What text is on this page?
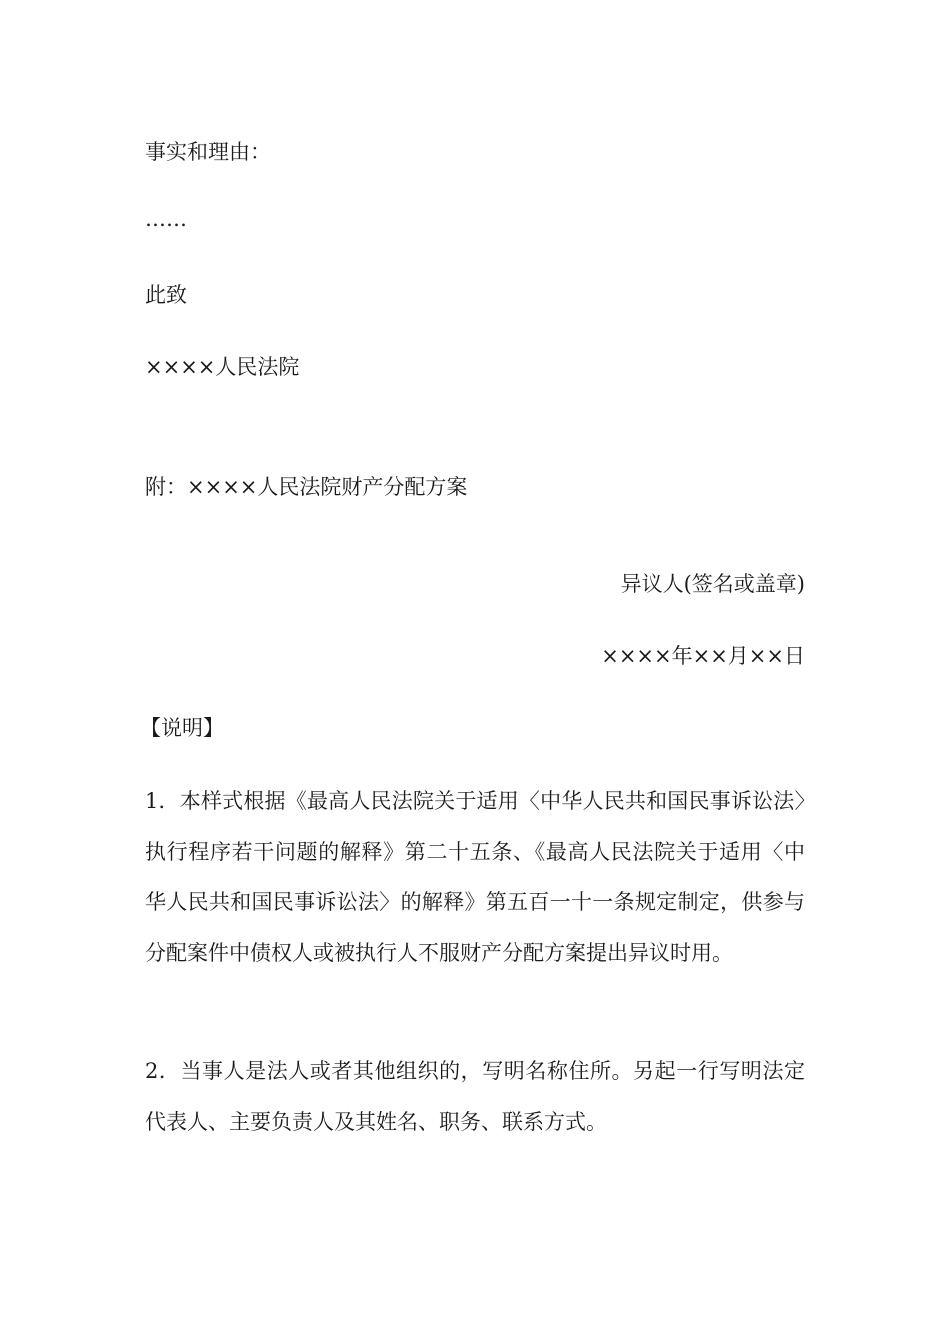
事实和理由：
……
此致
××××人民法院
附：××××人民法院财产分配方案
异议人(签名或盖章)
××××年××月××日
【说明】
1．本样式根据《最高人民法院关于适用〈中华人民共和国民事诉讼法〉执行程序若干问题的解释》第二十五条、《最高人民法院关于适用〈中华人民共和国民事诉讼法〉的解释》第五百一十一条规定制定，供参与分配案件中债权人或被执行人不服财产分配方案提出异议时用。
2．当事人是法人或者其他组织的，写明名称住所。另起一行写明法定代表人、主要负责人及其姓名、职务、联系方式。
